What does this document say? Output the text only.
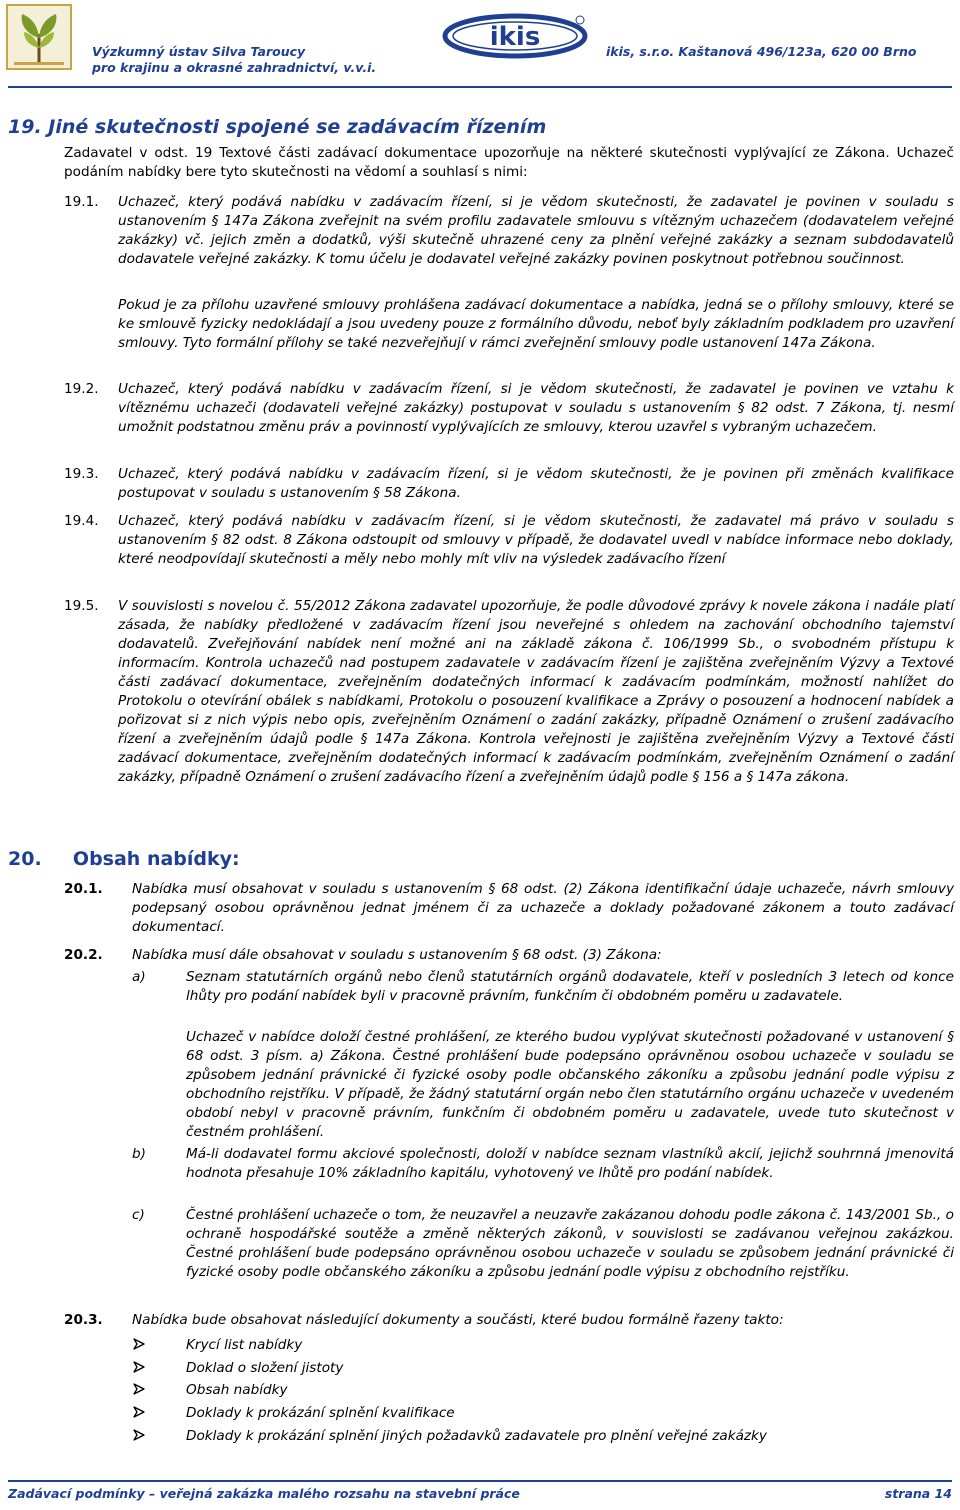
Výzkumný ústav Silva Taroucy
pro krajinu a okrasné zahradnictví, v.v.i.
ikis	ikis, s.r.o. Kaštanová 496/123a, 620 00 Brno
19. Jiné skutečnosti spojené se zadávacím řízením
Zadavatel v odst. 19 Textové části zadávací dokumentace upozorňuje na některé skutečnosti vyplývající ze Zákona. Uchazeč podáním nabídky bere tyto skutečnosti na vědomí a souhlasí s nimi:
19.1. Uchazeč, který podává nabídku v zadávacím řízení, si je vědom skutečnosti, že zadavatel je povinen v souladu s ustanovením § 147a Zákona zveřejnit na svém profilu zadavatele smlouvu s vítězným uchazečem (dodavatelem veřejné zakázky) vč. jejich změn a dodatků, výši skutečně uhrazené ceny za plnění veřejné zakázky a seznam subdodavatelů dodavatele veřejné zakázky. K tomu účelu je dodavatel veřejné zakázky povinen poskytnout potřebnou součinnost.
Pokud je za přílohu uzavřené smlouvy prohlášena zadávací dokumentace a nabídka, jedná se o přílohy smlouvy, které se ke smlouvě fyzicky nedokládají a jsou uvedeny pouze z formálního důvodu, neboť byly základním podkladem pro uzavření smlouvy. Tyto formální přílohy se také nezveřejňují v rámci zveřejnění smlouvy podle ustanovení 147a Zákona.
19.2. Uchazeč, který podává nabídku v zadávacím řízení, si je vědom skutečnosti, že zadavatel je povinen ve vztahu k vítěznému uchazeči (dodavateli veřejné zakázky) postupovat v souladu s ustanovením § 82 odst. 7 Zákona, tj. nesmí umožnit podstatnou změnu práv a povinností vyplývajících ze smlouvy, kterou uzavřel s vybraným uchazečem.
19.3. Uchazeč, který podává nabídku v zadávacím řízení, si je vědom skutečnosti, že je povinen při změnách kvalifikace postupovat v souladu s ustanovením § 58 Zákona.
19.4. Uchazeč, který podává nabídku v zadávacím řízení, si je vědom skutečnosti, že zadavatel má právo v souladu s ustanovením § 82 odst. 8 Zákona odstoupit od smlouvy v případě, že dodavatel uvedl v nabídce informace nebo doklady, které neodpovídají skutečnosti a měly nebo mohly mít vliv na výsledek zadávacího řízení
19.5. V souvislosti s novelou č. 55/2012 Zákona zadavatel upozorňuje, že podle důvodové zprávy k novele zákona i nadále platí zásada, že nabídky předložené v zadávacím řízení jsou neveřejné s ohledem na zachování obchodního tajemství dodavatelů. Zveřejňování nabídek není možné ani na základě zákona č. 106/1999 Sb., o svobodném přístupu k informacím. Kontrola uchazečů nad postupem zadavatele v zadávacím řízení je zajištěna zveřejněním Výzvy a Textové části zadávací dokumentace, zveřejněním dodatečných informací k zadávacím podmínkám, možností nahlížet do Protokolu o otevírání obálek s nabídkami, Protokolu o posouzení kvalifikace a Zprávy o posouzení a hodnocení nabídek a pořizovat si z nich výpis nebo opis, zveřejněním Oznámení o zadání zakázky, případně Oznámení o zrušení zadávacího řízení a zveřejněním údajů podle § 147a Zákona. Kontrola veřejnosti je zajištěna zveřejněním Výzvy a Textové části zadávací dokumentace, zveřejněním dodatečných informací k zadávacím podmínkám, zveřejněním Oznámení o zadání zakázky, případně Oznámení o zrušení zadávacího řízení a zveřejněním údajů podle § 156 a § 147a zákona.
20. Obsah nabídky:
20.1. Nabídka musí obsahovat v souladu s ustanovením § 68 odst. (2) Zákona identifikační údaje uchazeče, návrh smlouvy podepsaný osobou oprávněnou jednat jménem či za uchazeče a doklady požadované zákonem a touto zadávací dokumentací.
20.2. Nabídka musí dále obsahovat v souladu s ustanovením § 68 odst. (3) Zákona:
a)	Seznam statutárních orgánů nebo členů statutárních orgánů dodavatele, kteří v posledních 3 letech od konce lhůty pro podání nabídek byli v pracovně právním, funkčním či obdobném poměru u zadavatele.
Uchazeč v nabídce doloží čestné prohlášení, ze kterého budou vyplývat skutečnosti požadované v ustanovení § 68 odst. 3 písm. a) Zákona. Čestné prohlášení bude podepsáno oprávněnou osobou uchazeče v souladu se způsobem jednání právnické či fyzické osoby podle občanského zákoníku a způsobu jednání podle výpisu z obchodního rejstříku. V případě, že žádný statutární orgán nebo člen statutárního orgánu uchazeče v uvedeném období nebyl v pracovně právním, funkčním či obdobném poměru u zadavatele, uvede tuto skutečnost v čestném prohlášení.
b)	Má-li dodavatel formu akciové společnosti, doloží v nabídce seznam vlastníků akcií, jejichž souhrnná jmenovitá hodnota přesahuje 10% základního kapitálu, vyhotovený ve lhůtě pro podání nabídek.
c)	Čestné prohlášení uchazeče o tom, že neuzavřel a neuzavře zakázanou dohodu podle zákona č. 143/2001 Sb., o ochraně hospodářské soutěže a změně některých zákonů, v souvislosti se zadávanou veřejnou zakázkou. Čestné prohlášení bude podepsáno oprávněnou osobou uchazeče v souladu se způsobem jednání právnické či fyzické osoby podle občanského zákoníku a způsobu jednání podle výpisu z obchodního rejstříku.
20.3. Nabídka bude obsahovat následující dokumenty a součásti, které budou formálně řazeny takto:
Krycí list nabídky
Doklad o složení jistoty
Obsah nabídky
Doklady k prokázání splnění kvalifikace
Doklady k prokázání splnění jiných požadavků zadavatele pro plnění veřejné zakázky
Zadávací podmínky – veřejná zakázka malého rozsahu na stavební práce	strana 14
